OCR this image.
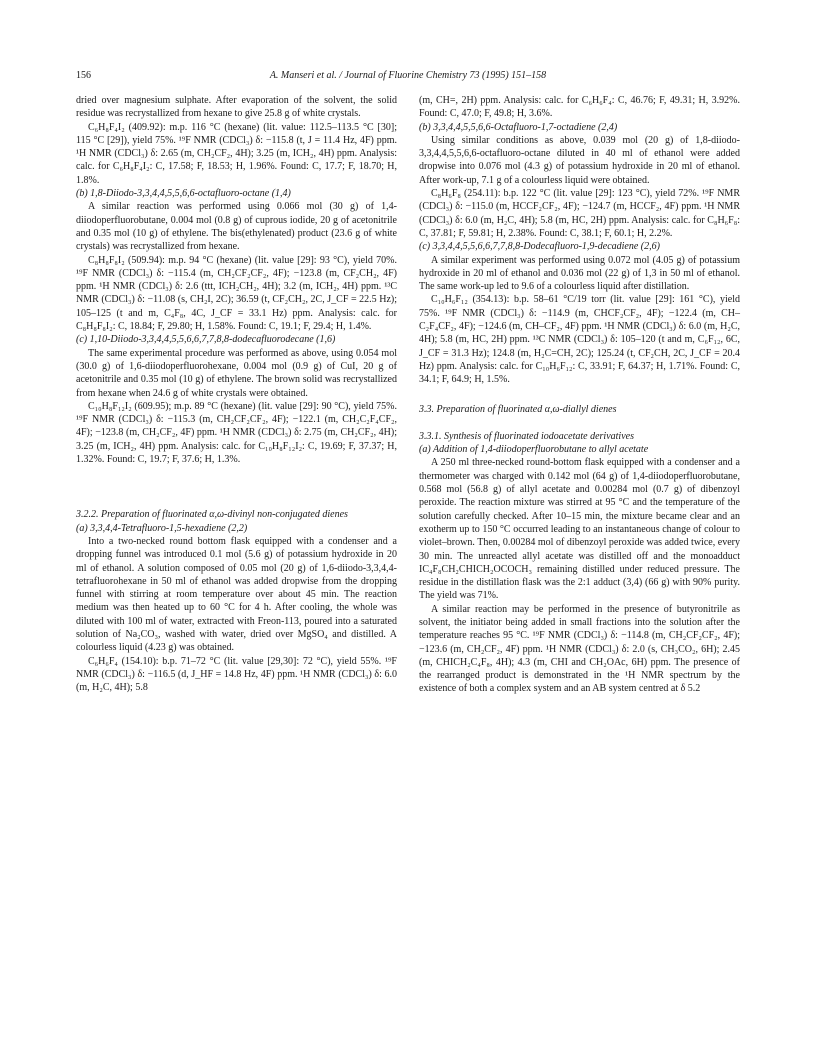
156	A. Manseri et al. / Journal of Fluorine Chemistry 73 (1995) 151–158

dried over magnesium sulphate. After evaporation of the solvent, the solid residue was recrystallized from hexane to give 25.8 g of white crystals.

C₆H₈F₄I₂ (409.92): m.p. 116 °C (hexane) (lit. value: 112.5–113.5 °C [30]; 115 °C [29]), yield 75%. ¹⁹F NMR (CDCl₃) δ: −115.8 (t, J = 11.4 Hz, 4F) ppm. ¹H NMR (CDCl₃) δ: 2.65 (m, CH₂CF₂, 4H); 3.25 (m, ICH₂, 4H) ppm. Analysis: calc. for C₆H₈F₄I₂: C, 17.58; F, 18.53; H, 1.96%. Found: C, 17.7; F, 18.70; H, 1.8%.

(b) 1,8-Diiodo-3,3,4,4,5,5,6,6-octafluoro-octane (1,4)

A similar reaction was performed using 0.066 mol (30 g) of 1,4-diiodoperfluorobutane, 0.004 mol (0.8 g) of cuprous iodide, 20 g of acetonitrile and 0.35 mol (10 g) of ethylene. The bis(ethylenated) product (23.6 g of white crystals) was recrystallized from hexane.

C₈H₈F₈I₂ (509.94): m.p. 94 °C (hexane) (lit. value [29]: 93 °C), yield 70%. ¹⁹F NMR (CDCl₃) δ: −115.4 (m, CH₂CF₂CF₂, 4F); −123.8 (m, CF₂CH₂, 4F) ppm. ¹H NMR (CDCl₃) δ: 2.6 (ttt, ICH₂CH₂, 4H); 3.2 (m, ICH₂, 4H) ppm. ¹³C NMR (CDCl₃) δ: −11.08 (s, CH₂I, 2C); 36.59 (t, CF₂CH₂, 2C, J_CF = 22.5 Hz); 105–125 (t and m, C₄F₈, 4C, J_CF = 33.1 Hz) ppm. Analysis: calc. for C₈H₈F₈I₂: C, 18.84; F, 29.80; H, 1.58%. Found: C, 19.1; F, 29.4; H, 1.4%.

(c) 1,10-Diiodo-3,3,4,4,5,5,6,6,7,7,8,8-dodecafluorodecane (1,6)

The same experimental procedure was performed as above, using 0.054 mol (30.0 g) of 1,6-diiodoperfluorohexane, 0.004 mol (0.9 g) of CuI, 20 g of acetonitrile and 0.35 mol (10 g) of ethylene. The brown solid was recrystallized from hexane when 24.6 g of white crystals were obtained.

C₁₀H₈F₁₂I₂ (609.95); m.p. 89 °C (hexane) (lit. value [29]: 90 °C), yield 75%. ¹⁹F NMR (CDCl₃) δ: −115.3 (m, CH₂CF₂CF₂, 4F); −122.1 (m, CH₂C₂F₄CF₂, 4F); −123.8 (m, CH₂CF₂, 4F) ppm. ¹H NMR (CDCl₃) δ: 2.75 (m, CH₂CF₂, 4H); 3.25 (m, ICH₂, 4H) ppm. Analysis: calc. for C₁₀H₈F₁₂I₂: C, 19.69; F, 37.37; H, 1.32%. Found: C, 19.7; F, 37.6; H, 1.3%.

3.2.2. Preparation of fluorinated α,ω-divinyl non-conjugated dienes

(a) 3,3,4,4-Tetrafluoro-1,5-hexadiene (2,2)

Into a two-necked round bottom flask equipped with a condenser and a dropping funnel was introduced 0.1 mol (5.6 g) of potassium hydroxide in 20 ml of ethanol. A solution composed of 0.05 mol (20 g) of 1,6-diiodo-3,3,4,4-tetrafluorohexane in 50 ml of ethanol was added dropwise from the dropping funnel with stirring at room temperature over about 45 min. The reaction medium was then heated up to 60 °C for 4 h. After cooling, the whole was diluted with 100 ml of water, extracted with Freon-113, poured into a saturated solution of Na₂CO₃, washed with water, dried over MgSO₄ and distilled. A colourless liquid (4.23 g) was obtained.

C₆H₆F₄ (154.10): b.p. 71–72 °C (lit. value [29,30]: 72 °C), yield 55%. ¹⁹F NMR (CDCl₃) δ: −116.5 (d, J_HF = 14.8 Hz, 4F) ppm. ¹H NMR (CDCl₃) δ: 6.0 (m, H₂C, 4H); 5.8

(m, CH=, 2H) ppm. Analysis: calc. for C₆H₆F₄: C, 46.76; F, 49.31; H, 3.92%. Found: C, 47.0; F, 49.8; H, 3.6%.

(b) 3,3,4,4,5,5,6,6-Octafluoro-1,7-octadiene (2,4)

Using similar conditions as above, 0.039 mol (20 g) of 1,8-diiodo-3,3,4,4,5,5,6,6-octafluoro-octane diluted in 40 ml of ethanol were added dropwise into 0.076 mol (4.3 g) of potassium hydroxide in 20 ml of ethanol. After work-up, 7.1 g of a colourless liquid were obtained.

C₈H₆F₈ (254.11): b.p. 122 °C (lit. value [29]: 123 °C), yield 72%. ¹⁹F NMR (CDCl₃) δ: −115.0 (m, HCCF₂CF₂, 4F); −124.7 (m, HCCF₂, 4F) ppm. ¹H NMR (CDCl₃) δ: 6.0 (m, H₂C, 4H); 5.8 (m, HC, 2H) ppm. Analysis: calc. for C₈H₆F₈: C, 37.81; F, 59.81; H, 2.38%. Found: C, 38.1; F, 60.1; H, 2.2%.

(c) 3,3,4,4,5,5,6,6,7,7,8,8-Dodecafluoro-1,9-decadiene (2,6)

A similar experiment was performed using 0.072 mol (4.05 g) of potassium hydroxide in 20 ml of ethanol and 0.036 mol (22 g) of 1,3 in 50 ml of ethanol. The same work-up led to 9.6 of a colourless liquid after distillation.

C₁₀H₆F₁₂ (354.13): b.p. 58–61 °C/19 torr (lit. value [29]: 161 °C), yield 75%. ¹⁹F NMR (CDCl₃) δ: −114.9 (m, CHCF₂CF₂, 4F); −122.4 (m, CH–C₂F₄CF₂, 4F); −124.6 (m, CH–CF₂, 4F) ppm. ¹H NMR (CDCl₃) δ: 6.0 (m, H₂C, 4H); 5.8 (m, HC, 2H) ppm. ¹³C NMR (CDCl₃) δ: 105–120 (t and m, C₆F₁₂, 6C, J_CF = 31.3 Hz); 124.8 (m, H₂C=CH, 2C); 125.24 (t, CF₂CH, 2C, J_CF = 20.4 Hz) ppm. Analysis: calc. for C₁₀H₆F₁₂: C, 33.91; F, 64.37; H, 1.71%. Found: C, 34.1; F, 64.9; H, 1.5%.

3.3. Preparation of fluorinated α,ω-diallyl dienes

3.3.1. Synthesis of fluorinated iodoacetate derivatives

(a) Addition of 1,4-diiodoperfluorobutane to allyl acetate

A 250 ml three-necked round-bottom flask equipped with a condenser and a thermometer was charged with 0.142 mol (64 g) of 1,4-diiodoperfluorobutane, 0.568 mol (56.8 g) of allyl acetate and 0.00284 mol (0.7 g) of dibenzoyl peroxide. The reaction mixture was stirred at 95 °C and the temperature of the solution carefully checked. After 10–15 min, the mixture became clear and an exotherm up to 150 °C occurred leading to an instantaneous change of colour to violet–brown. Then, 0.00284 mol of dibenzoyl peroxide was added twice, every 30 min. The unreacted allyl acetate was distilled off and the monoadduct IC₄F₈CH₂CHICH₂OCOCH₃ remaining distilled under reduced pressure. The residue in the distillation flask was the 2:1 adduct (3,4) (66 g) with 90% purity. The yield was 71%.

A similar reaction may be performed in the presence of butyronitrile as solvent, the initiator being added in small fractions into the solution after the temperature reaches 95 °C. ¹⁹F NMR (CDCl₃) δ: −114.8 (m, CH₂CF₂CF₂, 4F); −123.6 (m, CH₂CF₂, 4F) ppm. ¹H NMR (CDCl₃) δ: 2.0 (s, CH₃CO₂, 6H); 2.45 (m, CHICH₂C₄F₈, 4H); 4.3 (m, CHI and CH₂OAc, 6H) ppm. The presence of the rearranged product is demonstrated in the ¹H NMR spectrum by the existence of both a complex system and an AB system centred at δ 5.2
